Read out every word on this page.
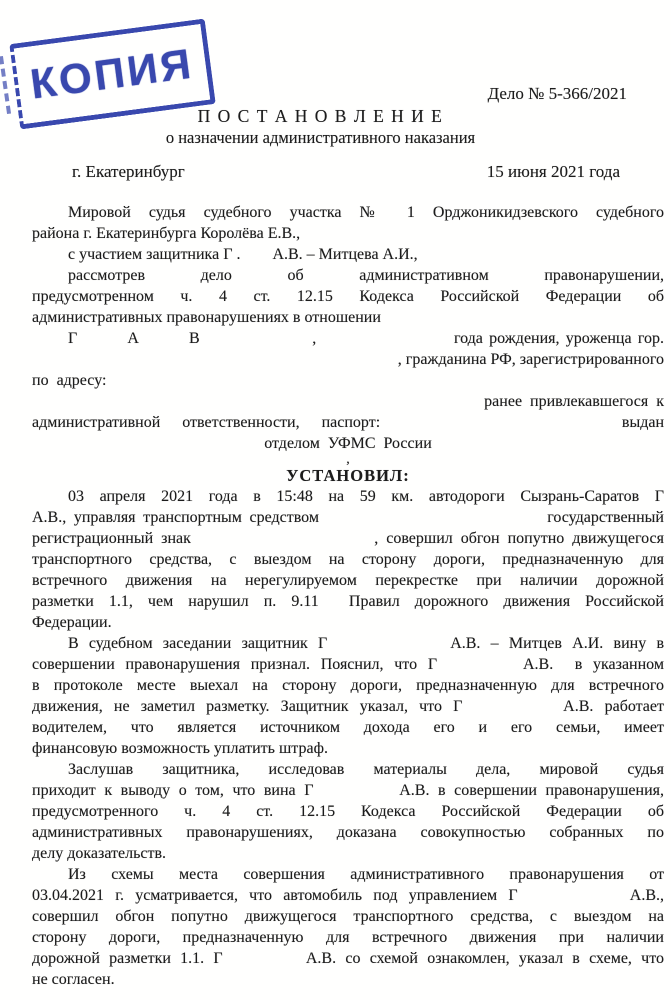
КОПИЯ	Дело № 5-366/2021
П О С Т А Н О В Л Е Н И Е
о назначении административного наказания
г. Екатеринбург	15 июня 2021 года
Мировой судья судебного участка № 1 Орджоникидзевского судебного
района г. Екатеринбурга Королёва Е.В.,
с участием защитника Г .        А.В. – Митцева А.И.,
рассмотрев дело об административном правонарушении,
предусмотренном ч. 4 ст. 12.15 Кодекса Российской Федерации об
административных правонарушениях в отношении
Г        А        В                  ,                      года рождения, уроженца гор.
, гражданина РФ, зарегистрированного
по  адресу:
ранее  привлекавшегося  к
административной  ответственности,  паспорт:                      выдан
отделом  УФМС  России
,
УСТАНОВИЛ:
03 апреля 2021 года в 15:48 на 59 км. автодороги Сызрань-Саратов Г
А.В., управляя транспортным средством                              государственный
регистрационный знак                       , совершил обгон попутно движущегося
транспортного средства, с выездом на сторону дороги, предназначенную для
встречного движения на нерегулируемом перекрестке при наличии дорожной
разметки 1.1, чем нарушил п. 9.11  Правил дорожного движения Российской
Федерации.
В судебном заседании защитник Г            А.В. – Митцев А.И. вину в
совершении правонарушения признал. Пояснил, что Г        А.В.  в указанном
в протоколе месте выехал на сторону дороги, предназначенную для встречного
движения, не заметил разметку. Защитник указал, что Г         А.В. работает
водителем, что является источником дохода его и его семьи, имеет
финансовую возможность уплатить штраф.
Заслушав защитника, исследовав материалы дела, мировой судья
приходит к выводу о том, что вина Г          А.В. в совершении правонарушения,
предусмотренного ч. 4 ст. 12.15 Кодекса Российской Федерации об
административных правонарушениях, доказана совокупностью собранных по
делу доказательств.
Из схемы места совершения административного правонарушения от
03.04.2021 г. усматривается, что автомобиль под управлением Г          А.В.,
совершил обгон попутно движущегося транспортного средства, с выездом на
сторону дороги, предназначенную для встречного движения при наличии
дорожной разметки 1.1. Г         А.В. со схемой ознакомлен, указал в схеме, что
не согласен.
